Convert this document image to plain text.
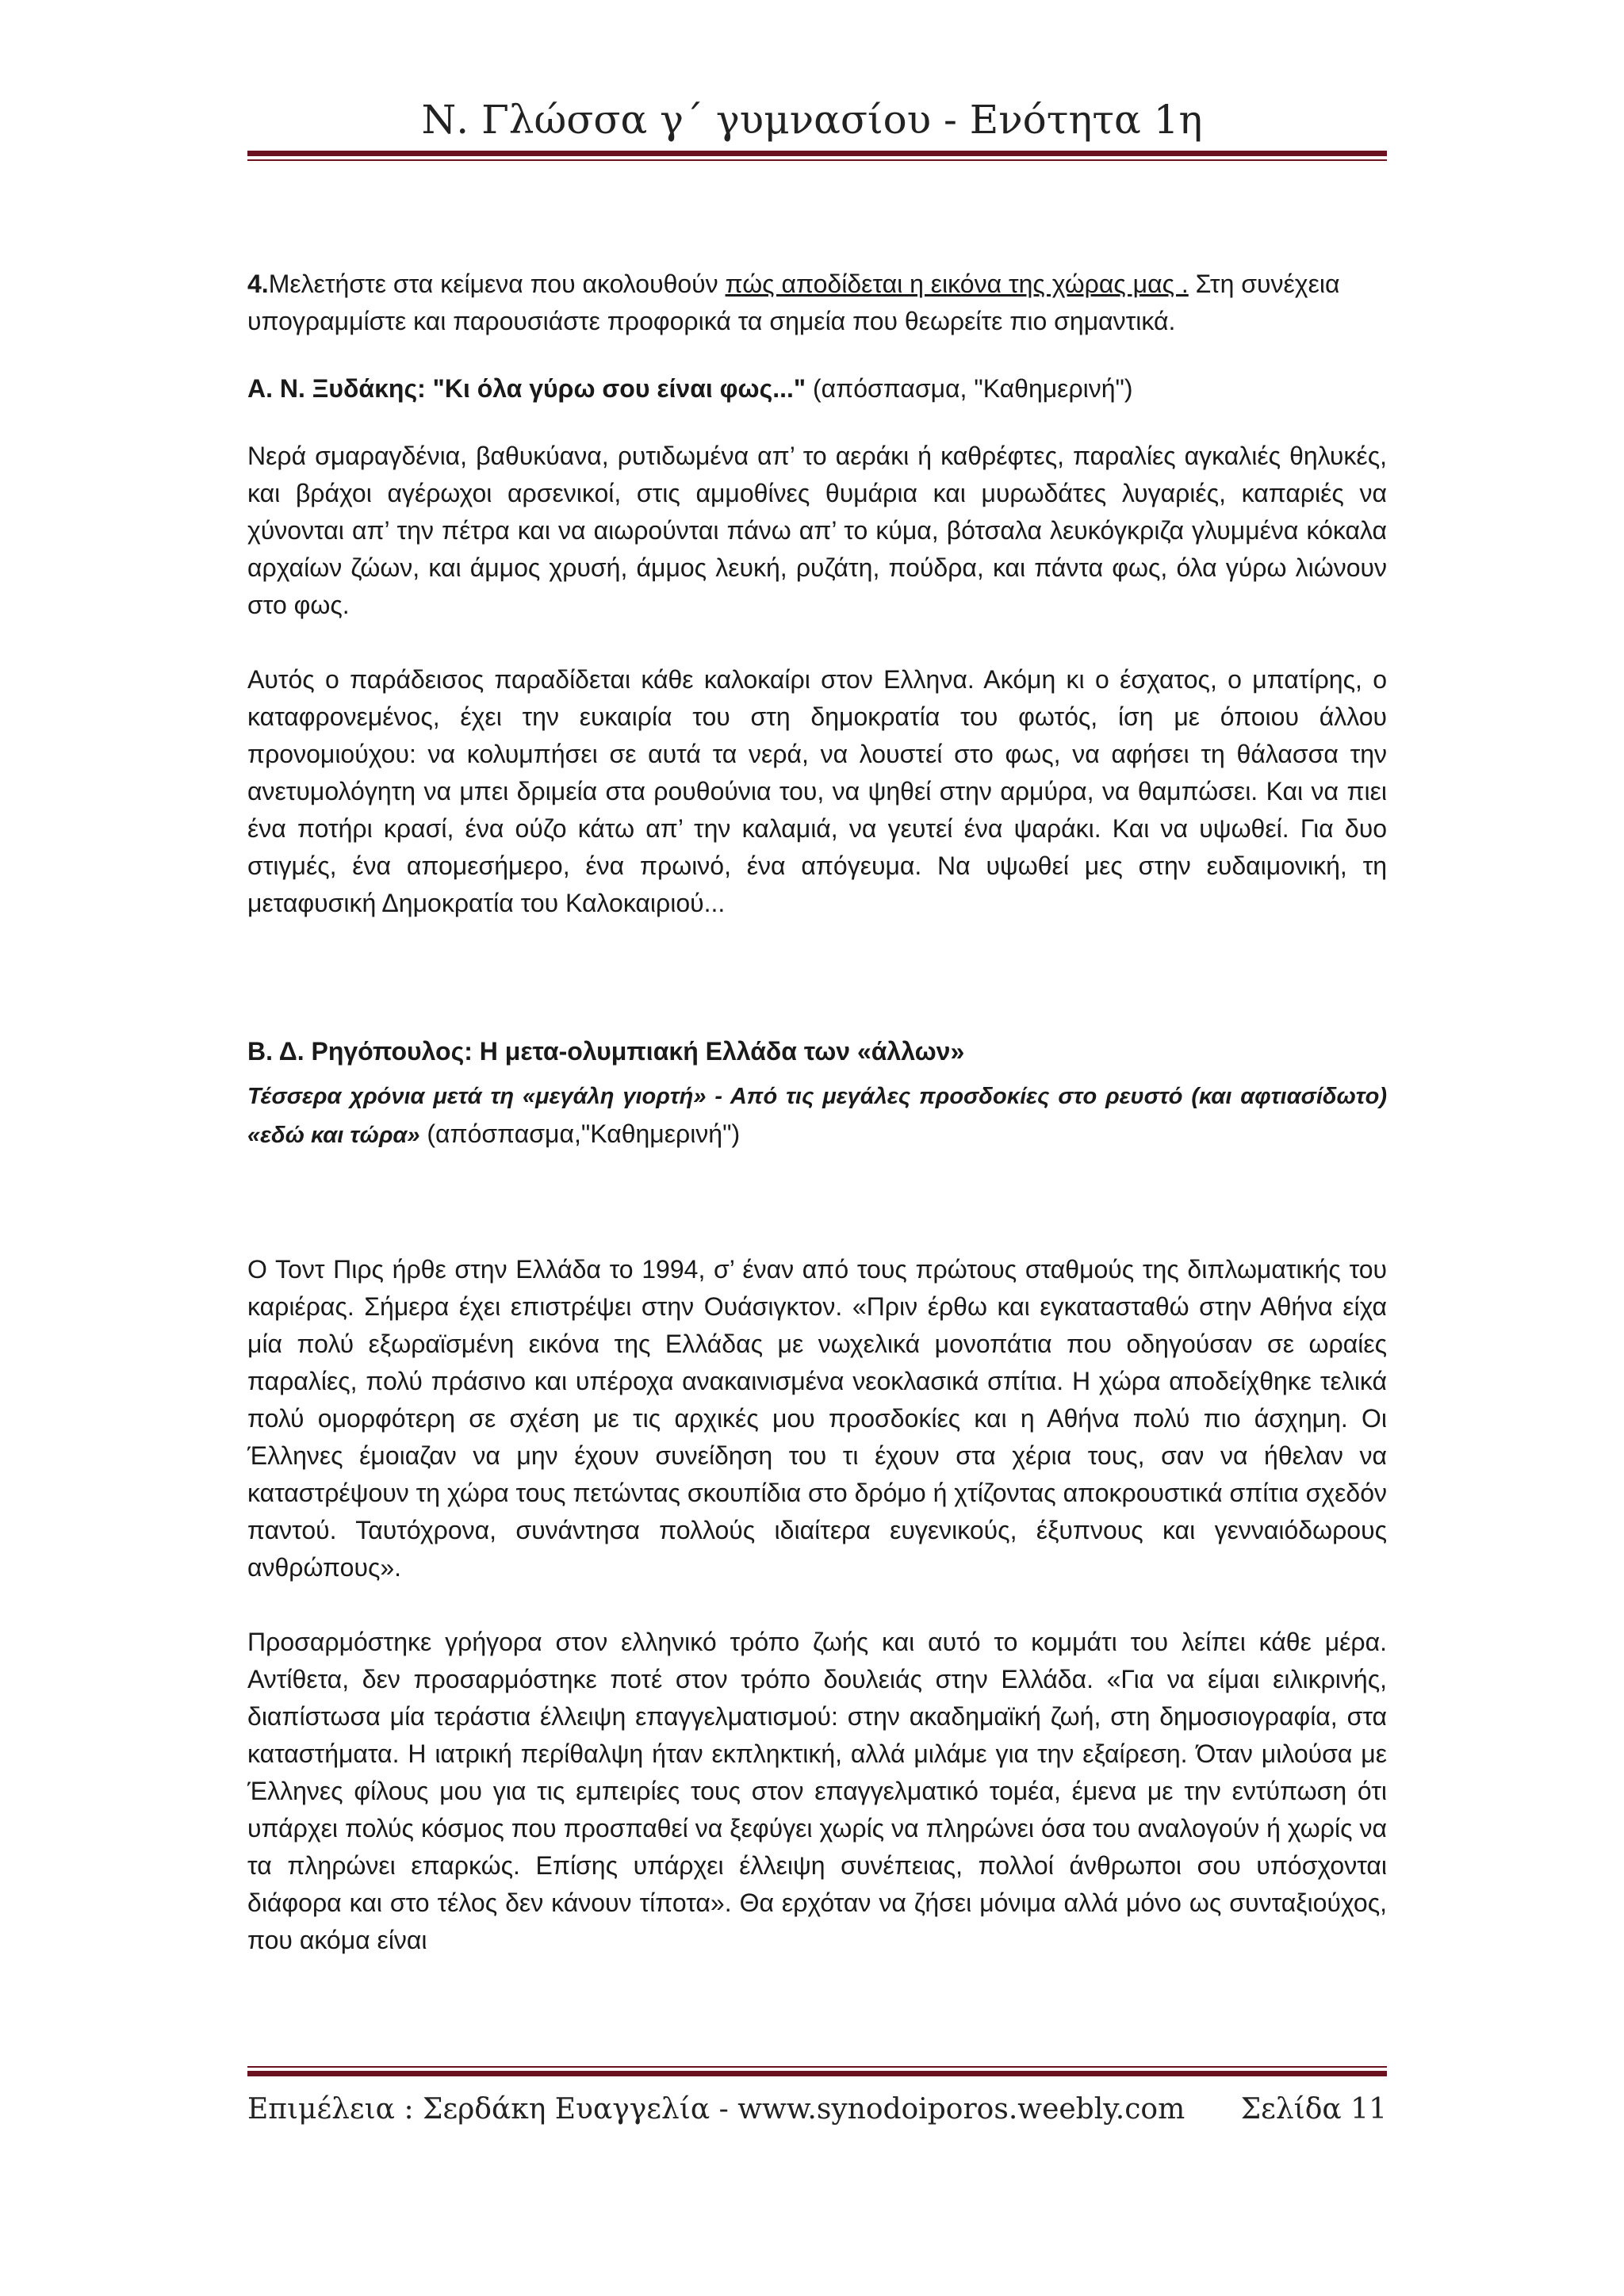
Ν. Γλώσσα γ΄ γυμνασίου - Ενότητα 1η

4.Μελετήστε στα κείμενα που ακολουθούν πώς αποδίδεται η εικόνα της χώρας μας . Στη συνέχεια υπογραμμίστε και παρουσιάστε προφορικά τα σημεία που θεωρείτε πιο σημαντικά.

Α. Ν. Ξυδάκης: "Κι όλα γύρω σου είναι φως..." (απόσπασμα, "Καθημερινή")

Νερά σμαραγδένια, βαθυκύανα, ρυτιδωμένα απ’ το αεράκι ή καθρέφτες, παραλίες αγκαλιές θηλυκές, και βράχοι αγέρωχοι αρσενικοί, στις αμμοθίνες θυμάρια και μυρωδάτες λυγαριές, καπαριές να χύνονται απ’ την πέτρα και να αιωρούνται πάνω απ’ το κύμα, βότσαλα λευκόγκριζα γλυμμένα κόκαλα αρχαίων ζώων, και άμμος χρυσή, άμμος λευκή, ρυζάτη, πούδρα, και πάντα φως, όλα γύρω λιώνουν στο φως.

Αυτός ο παράδεισος παραδίδεται κάθε καλοκαίρι στον Ελληνα. Ακόμη κι ο έσχατος, ο μπατίρης, ο καταφρονεμένος, έχει την ευκαιρία του στη δημοκρατία του φωτός, ίση με όποιου άλλου προνομιούχου: να κολυμπήσει σε αυτά τα νερά, να λουστεί στο φως, να αφήσει τη θάλασσα την ανετυμολόγητη να μπει δριμεία στα ρουθούνια του, να ψηθεί στην αρμύρα, να θαμπώσει. Και να πιει ένα ποτήρι κρασί, ένα ούζο κάτω απ’ την καλαμιά, να γευτεί ένα ψαράκι. Και να υψωθεί. Για δυο στιγμές, ένα απομεσήμερο, ένα πρωινό, ένα απόγευμα. Να υψωθεί μες στην ευδαιμονική, τη μεταφυσική Δημοκρατία του Καλοκαιριού...

Β. Δ. Ρηγόπουλος: Η μετα-ολυμπιακή Ελλάδα των «άλλων»

Τέσσερα χρόνια μετά τη «μεγάλη γιορτή» - Από τις μεγάλες προσδοκίες στο ρευστό (και αφτιασίδωτο) «εδώ και τώρα» (απόσπασμα,"Καθημερινή")

Ο Τοντ Πιρς ήρθε στην Ελλάδα το 1994, σ’ έναν από τους πρώτους σταθμούς της διπλωματικής του καριέρας. Σήμερα έχει επιστρέψει στην Ουάσιγκτον. «Πριν έρθω και εγκατασταθώ στην Αθήνα είχα μία πολύ εξωραϊσμένη εικόνα της Ελλάδας με νωχελικά μονοπάτια που οδηγούσαν σε ωραίες παραλίες, πολύ πράσινο και υπέροχα ανακαινισμένα νεοκλασικά σπίτια. Η χώρα αποδείχθηκε τελικά πολύ ομορφότερη σε σχέση με τις αρχικές μου προσδοκίες και η Αθήνα πολύ πιο άσχημη. Οι Έλληνες έμοιαζαν να μην έχουν συνείδηση του τι έχουν στα χέρια τους, σαν να ήθελαν να καταστρέψουν τη χώρα τους πετώντας σκουπίδια στο δρόμο ή χτίζοντας αποκρουστικά σπίτια σχεδόν παντού. Ταυτόχρονα, συνάντησα πολλούς ιδιαίτερα ευγενικούς, έξυπνους και γενναιόδωρους ανθρώπους».

Προσαρμόστηκε γρήγορα στον ελληνικό τρόπο ζωής και αυτό το κομμάτι του λείπει κάθε μέρα. Αντίθετα, δεν προσαρμόστηκε ποτέ στον τρόπο δουλειάς στην Ελλάδα. «Για να είμαι ειλικρινής, διαπίστωσα μία τεράστια έλλειψη επαγγελματισμού: στην ακαδημαϊκή ζωή, στη δημοσιογραφία, στα καταστήματα. Η ιατρική περίθαλψη ήταν εκπληκτική, αλλά μιλάμε για την εξαίρεση. Όταν μιλούσα με Έλληνες φίλους μου για τις εμπειρίες τους στον επαγγελματικό τομέα, έμενα με την εντύπωση ότι υπάρχει πολύς κόσμος που προσπαθεί να ξεφύγει χωρίς να πληρώνει όσα του αναλογούν ή χωρίς να τα πληρώνει επαρκώς. Επίσης υπάρχει έλλειψη συνέπειας, πολλοί άνθρωποι σου υπόσχονται διάφορα και στο τέλος δεν κάνουν τίποτα». Θα ερχόταν να ζήσει μόνιμα αλλά μόνο ως συνταξιούχος, που ακόμα είναι

Επιμέλεια : Σερδάκη Ευαγγελία - www.synodoiporos.weebly.com Σελίδα 11
